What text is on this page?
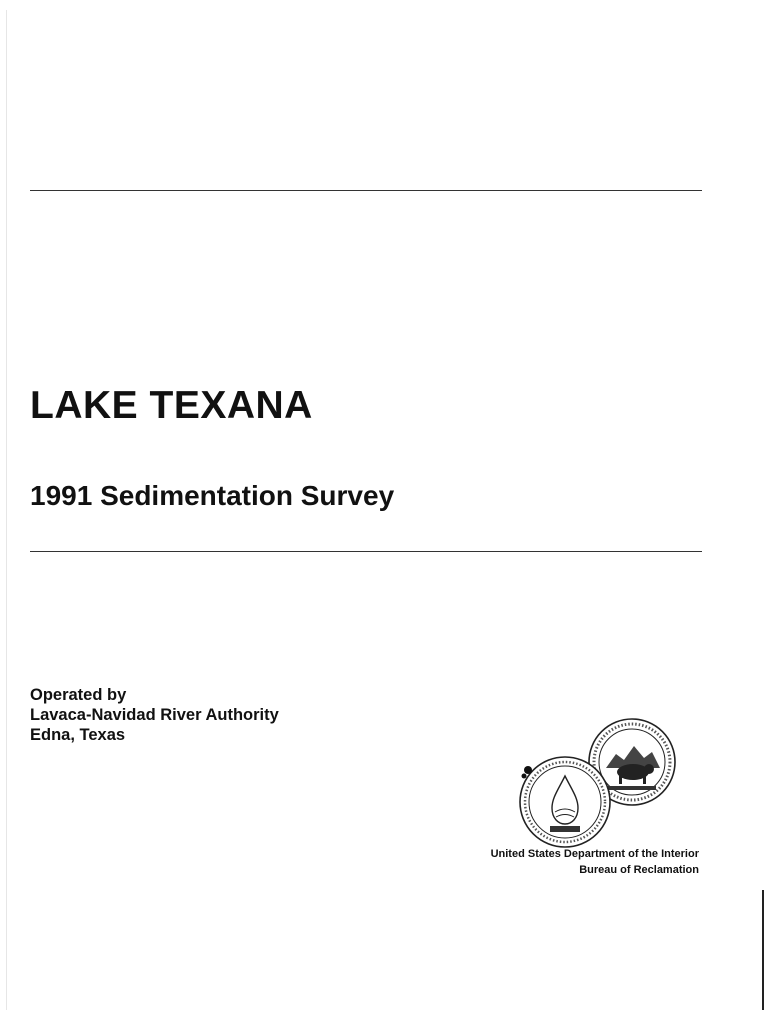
LAKE TEXANA
1991 Sedimentation Survey
Operated by
Lavaca-Navidad River Authority
Edna, Texas
United States Department of the Interior
Bureau of Reclamation
